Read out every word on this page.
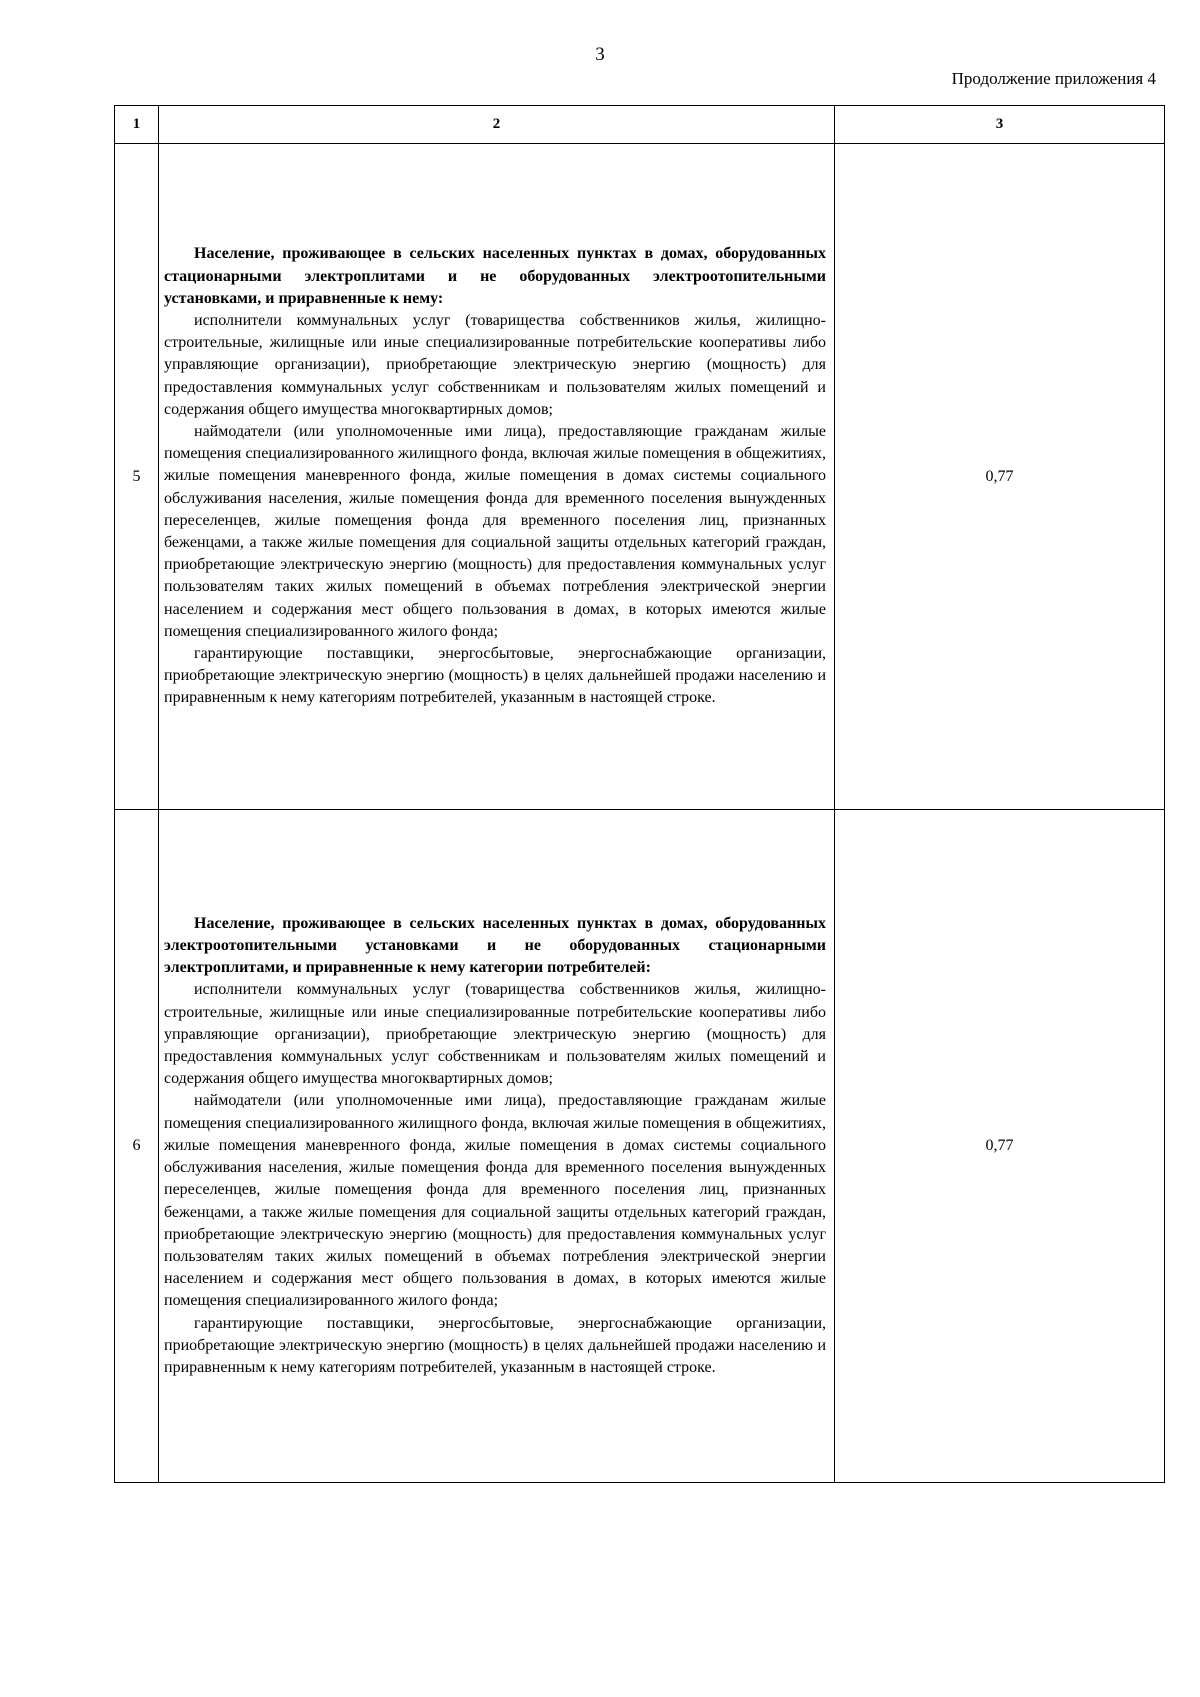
3
Продолжение приложения 4
1	2	3
5	Население, проживающее в сельских населенных пунктах в домах, оборудованных стационарными электроплитами и не оборудованных электроотопительными установками, и приравненные к нему:

исполнители коммунальных услуг (товарищества собственников жилья, жилищно-строительные, жилищные или иные специализированные потребительские кооперативы либо управляющие организации), приобретающие электрическую энергию (мощность) для предоставления коммунальных услуг собственникам и пользователям жилых помещений и содержания общего имущества многоквартирных домов;

наймодатели (или уполномоченные ими лица), предоставляющие гражданам жилые помещения специализированного жилищного фонда, включая жилые помещения в общежитиях, жилые помещения маневренного фонда, жилые помещения в домах системы социального обслуживания населения, жилые помещения фонда для временного поселения вынужденных переселенцев, жилые помещения фонда для временного поселения лиц, признанных беженцами, а также жилые помещения для социальной защиты отдельных категорий граждан, приобретающие электрическую энергию (мощность) для предоставления коммунальных услуг пользователям таких жилых помещений в объемах потребления электрической энергии населением и содержания мест общего пользования в домах, в которых имеются жилые помещения специализированного жилого фонда;

гарантирующие поставщики, энергосбытовые, энергоснабжающие организации, приобретающие электрическую энергию (мощность) в целях дальнейшей продажи населению и приравненным к нему категориям потребителей, указанным в настоящей строке.	0,77
6	Население, проживающее в сельских населенных пунктах в домах, оборудованных электроотопительными установками и не оборудованных стационарными электроплитами, и приравненные к нему категории потребителей:

исполнители коммунальных услуг (товарищества собственников жилья, жилищно-строительные, жилищные или иные специализированные потребительские кооперативы либо управляющие организации), приобретающие электрическую энергию (мощность) для предоставления коммунальных услуг собственникам и пользователям жилых помещений и содержания общего имущества многоквартирных домов;

наймодатели (или уполномоченные ими лица), предоставляющие гражданам жилые помещения специализированного жилищного фонда, включая жилые помещения в общежитиях, жилые помещения маневренного фонда, жилые помещения в домах системы социального обслуживания населения, жилые помещения фонда для временного поселения вынужденных переселенцев, жилые помещения фонда для временного поселения лиц, признанных беженцами, а также жилые помещения для социальной защиты отдельных категорий граждан, приобретающие электрическую энергию (мощность) для предоставления коммунальных услуг пользователям таких жилых помещений в объемах потребления электрической энергии населением и содержания мест общего пользования в домах, в которых имеются жилые помещения специализированного жилого фонда;

гарантирующие поставщики, энергосбытовые, энергоснабжающие организации, приобретающие электрическую энергию (мощность) в целях дальнейшей продажи населению и приравненным к нему категориям потребителей, указанным в настоящей строке.	0,77
